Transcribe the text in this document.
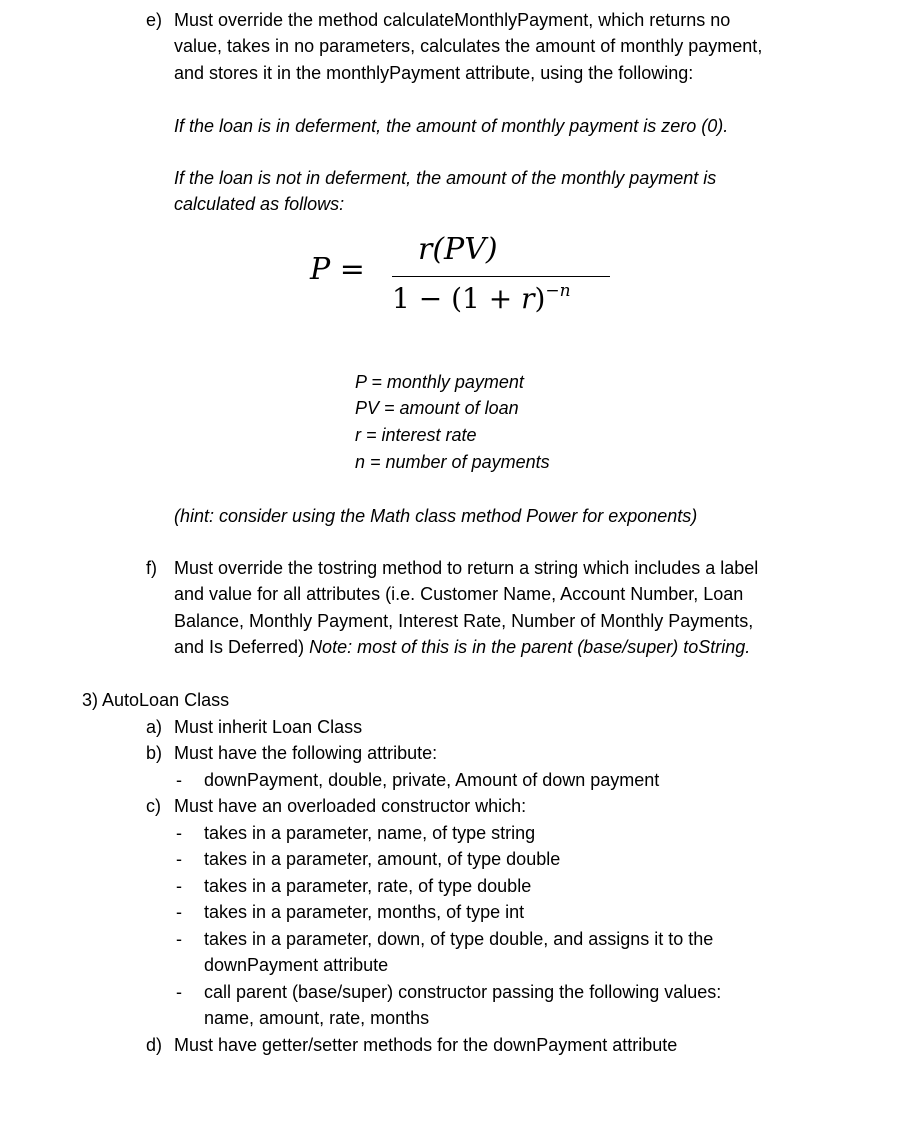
e) Must override the method calculateMonthlyPayment, which returns no
value, takes in no parameters, calculates the amount of monthly payment,
and stores it in the monthlyPayment attribute, using the following:
If the loan is in deferment, the amount of monthly payment is zero (0).
If the loan is not in deferment, the amount of the monthly payment is
calculated as follows:
P =
r(PV)
$1 - (1 + r)^{-n}$
P = monthly payment
PV = amount of loan
r = interest rate
n = number of payments
(hint: consider using the Math class method Power for exponents)
f) Must override the tostring method to return a string which includes a label
and value for all attributes (i.e. Customer Name, Account Number, Loan
Balance, Monthly Payment, Interest Rate, Number of Monthly Payments,
and Is Deferred) Note: most of this is in the parent (base/super) toString.
3) AutoLoan Class
a) Must inherit Loan Class
b) Must have the following attribute:
- downPayment, double, private, Amount of down payment
c) Must have an overloaded constructor which:
- takes in a parameter, name, of type string
- takes in a parameter, amount, of type double
- takes in a parameter, rate, of type double
- takes in a parameter, months, of type int
- takes in a parameter, down, of type double, and assigns it to the
downPayment attribute
- call parent (base/super) constructor passing the following values:
name, amount, rate, months
d) Must have getter/setter methods for the downPayment attribute
